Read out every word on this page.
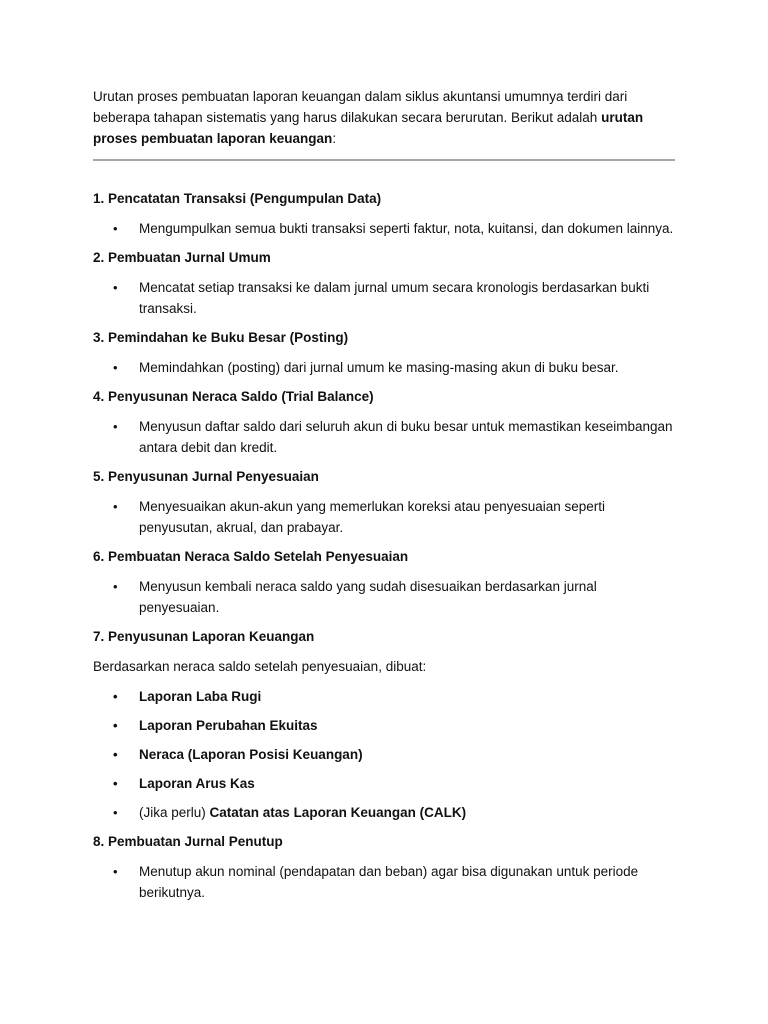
Urutan proses pembuatan laporan keuangan dalam siklus akuntansi umumnya terdiri dari beberapa tahapan sistematis yang harus dilakukan secara berurutan. Berikut adalah urutan proses pembuatan laporan keuangan:

1. Pencatatan Transaksi (Pengumpulan Data)
• Mengumpulkan semua bukti transaksi seperti faktur, nota, kuitansi, dan dokumen lainnya.
2. Pembuatan Jurnal Umum
• Mencatat setiap transaksi ke dalam jurnal umum secara kronologis berdasarkan bukti transaksi.
3. Pemindahan ke Buku Besar (Posting)
• Memindahkan (posting) dari jurnal umum ke masing-masing akun di buku besar.
4. Penyusunan Neraca Saldo (Trial Balance)
• Menyusun daftar saldo dari seluruh akun di buku besar untuk memastikan keseimbangan antara debit dan kredit.
5. Penyusunan Jurnal Penyesuaian
• Menyesuaikan akun-akun yang memerlukan koreksi atau penyesuaian seperti penyusutan, akrual, dan prabayar.
6. Pembuatan Neraca Saldo Setelah Penyesuaian
• Menyusun kembali neraca saldo yang sudah disesuaikan berdasarkan jurnal penyesuaian.
7. Penyusunan Laporan Keuangan

Berdasarkan neraca saldo setelah penyesuaian, dibuat:

• Laporan Laba Rugi
• Laporan Perubahan Ekuitas
• Neraca (Laporan Posisi Keuangan)
• Laporan Arus Kas
• (Jika perlu) Catatan atas Laporan Keuangan (CALK)
8. Pembuatan Jurnal Penutup
• Menutup akun nominal (pendapatan dan beban) agar bisa digunakan untuk periode berikutnya.
